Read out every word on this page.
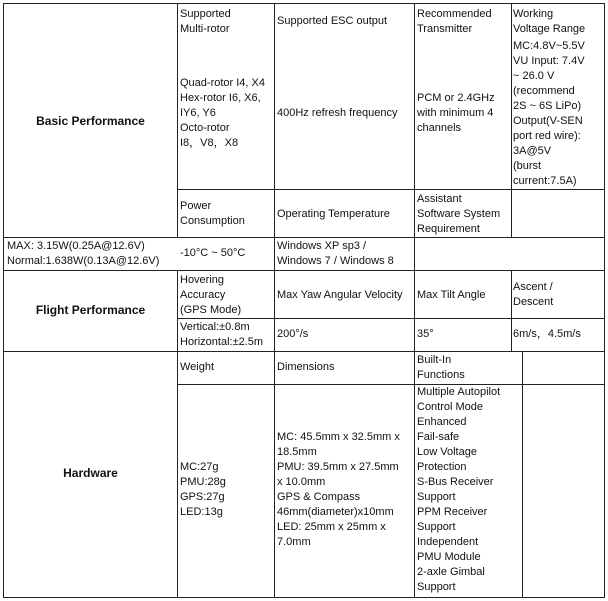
Basic Performance
Flight Performance
Hardware
Supported
Multi-rotor
Quad-rotor I4, X4
Hex-rotor I6, X6,
IY6, Y6
Octo-rotor
I8，V8，X8
Supported ESC output
400Hz refresh frequency
Recommended
Transmitter
PCM or 2.4GHz
with minimum 4
channels
Working
Voltage Range
MC:4.8V~5.5V
VU Input: 7.4V
~ 26.0 V
(recommend
2S ~ 6S LiPo)
Output(V-SEN
port red wire):
3A@5V
(burst
current:7.5A)
Power
Consumption
Operating Temperature
Assistant
Software System
Requirement
MAX: 3.15W(0.25A@12.6V)
Normal:1.638W(0.13A@12.6V)
-10°C ~ 50°C
Windows XP sp3 /
Windows 7 / Windows 8
Hovering
Accuracy
(GPS Mode)
Vertical:±0.8m
Horizontal:±2.5m
Max Yaw Angular Velocity
200°/s
Max Tilt Angle
35°
Ascent /
Descent
6m/s，4.5m/s
Weight
MC:27g
PMU:28g
GPS:27g
LED:13g
Dimensions
MC: 45.5mm x 32.5mm x
18.5mm
PMU: 39.5mm x 27.5mm
x 10.0mm
GPS & Compass
46mm(diameter)x10mm
LED: 25mm x 25mm x
7.0mm
Built-In
Functions
Multiple Autopilot
Control Mode
Enhanced
Fail-safe
Low Voltage
Protection
S-Bus Receiver
Support
PPM Receiver
Support
Independent
PMU Module
2-axle Gimbal
Support
